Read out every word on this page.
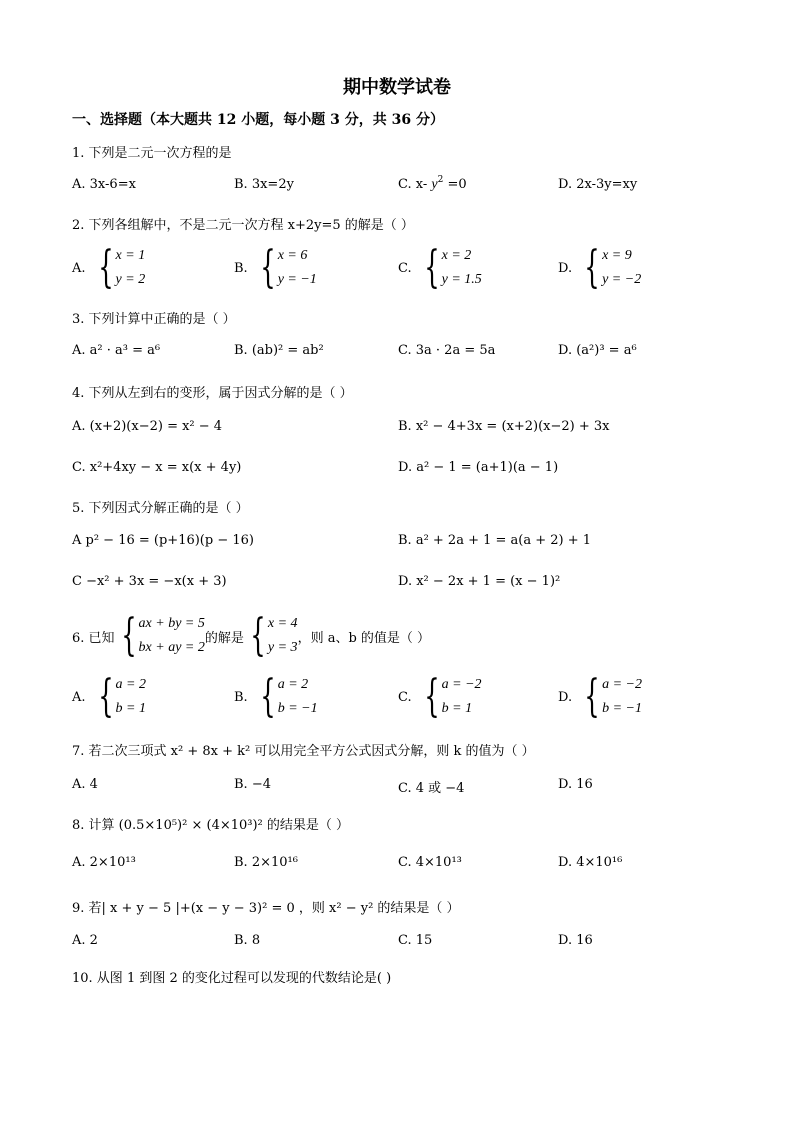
期中数学试卷
一、选择题（本大题共 12 小题，每小题 3 分，共 36 分）
1. 下列是二元一次方程的是
A. 3x-6=x	B. 3x=2y	C. x- $y^2 =0$	D. 2x-3y=xy
2. 下列各组解中，不是二元一次方程 x+2y=5 的解是（ ）
A. { x = 1
y = 2
B. { x = 6
y = −1
C. { x = 2
y = 1.5
D. { x = 9
y = −2
3. 下列计算中正确的是（ ）
A. a² · a³ = a⁶	B. (ab)² = ab²	C. 3a · 2a = 5a	D. (a²)³ = a⁶
4. 下列从左到右的变形，属于因式分解的是（ ）
A. (x+2)(x−2) = x² − 4	B. x² − 4+3x = (x+2)(x−2) + 3x
C. x²+4xy − x = x(x + 4y)	D. a² − 1 = (a+1)(a − 1)
5. 下列因式分解正确的是（ ）
A p² − 16 = (p+16)(p − 16)	B. a² + 2a + 1 = a(a + 2) + 1
C −x² + 3x = −x(x + 3)	D. x² − 2x + 1 = (x − 1)²
6. 已知 { ax + by = 5
bx + ay = 2
的解是 { x = 4
y = 3
，则 a、b 的值是（ ）
A. { a = 2
b = 1
B. { a = 2
b = −1
C. { a = −2
b = 1
D. { a = −2
b = −1
7. 若二次三项式 x² + 8x + k² 可以用完全平方公式因式分解，则 k 的值为（ ）
A. 4	B. −4	C. 4 或 −4	D. 16
8. 计算 (0.5×10⁵)² × (4×10³)² 的结果是（ ）
A. 2×10¹³	B. 2×10¹⁶	C. 4×10¹³	D. 4×10¹⁶
9. 若| x + y − 5 |+(x − y − 3)² = 0 ，则 x² − y² 的结果是（ ）
A. 2	B. 8	C. 15	D. 16
10. 从图 1 到图 2 的变化过程可以发现的代数结论是( )
